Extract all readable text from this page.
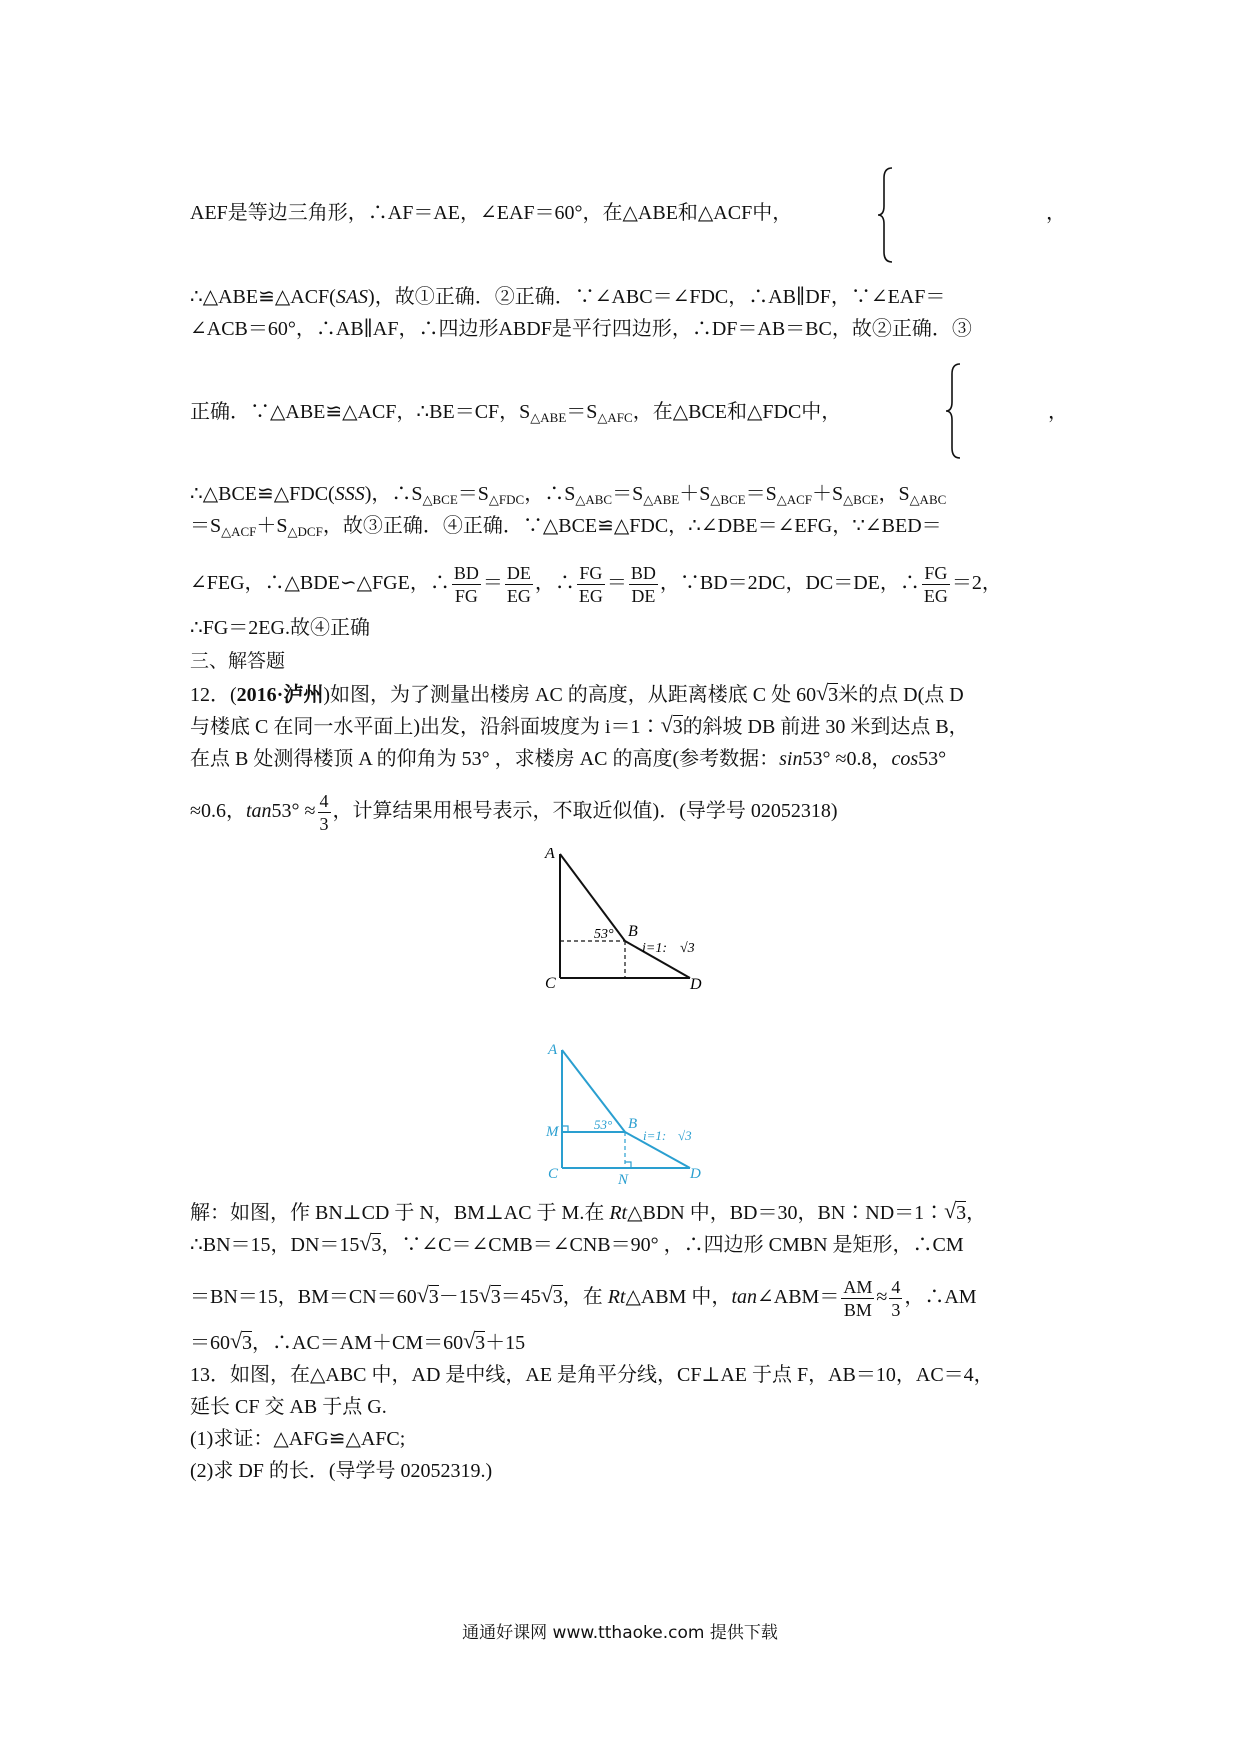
AEF是等边三角形，∴AF＝AE，∠EAF＝60°，在△ABE和△ACF中，	，
∴△ABE≌△ACF(SAS)，故①正确．②正确．∵∠ABC＝∠FDC，∴AB∥DF，∵∠EAF＝
∠ACB＝60°，∴AB∥AF，∴四边形ABDF是平行四边形，∴DF＝AB＝BC，故②正确．③
正确．∵△ABE≌△ACF，∴BE＝CF，$S_{\triangle ABE}=S_{\triangle AFC}$，在△BCE和△FDC中，	，
∴△BCE≌△FDC(SSS)，$\therefore S_{\triangle BCE}=S_{\triangle FDC}$，$\therefore S_{\triangle ABC}=S_{\triangle ABE}+S_{\triangle BCE}=S_{\triangle ACF}+S_{\triangle BCE}$，$S_{\triangle ABC}$
$=S_{\triangle ACF}+S_{\triangle DCF}$，故③正确．④正确．∵△BCE≌△FDC，∴∠DBE＝∠EFG，∵∠BED＝
∠FEG，∴△BDE∽△FGE，∴ $\frac{BD}{FG} = \frac{DE}{EG}$ ，∴ $\frac{FG}{EG} = \frac{BD}{DE}$ ，∵BD＝2DC，DC＝DE，∴ $\frac{FG}{EG} =2$，
∴FG＝2EG.故④正确
三、解答题
12．(2016·泸州)如图，为了测量出楼房 AC 的高度，从距离楼底 C 处 60 √ 3米的点 D(点 D
与楼底 C 在同一水平面上)出发，沿斜面坡度为 i＝1∶ √ 3的斜坡 DB 前进 30 米到达点 B，
在点 B 处测得楼顶 A 的仰角为 53° ，求楼房 AC 的高度(参考数据：sin53° ≈0.8，cos53°
≈0.6，$\tan 53^\circ \approx \frac{4}{3}$ ，计算结果用根号表示，不取近似值)．(导学号 02052318)
A
C	D
B
53°
i=1: √3
A
M
C	N	D
B
53°
i=1: √3
解：如图，作 BN⊥CD 于 N，BM⊥AC 于 M.在 Rt△BDN 中，BD＝30，BN∶ND＝1∶ √ 3，
∴BN＝15，DN＝15 √ 3，∵∠C＝∠CMB＝∠CNB＝90° ，∴四边形 CMBN 是矩形，∴CM
＝BN＝15，BM＝CN＝60 √ 3－15 √ 3＝45 √ 3，在 Rt△ABM 中，tan∠ABM＝ $\frac{AM}{BM} \approx \frac{4}{3}$ ，∴AM
＝60 √ 3，∴AC＝AM＋CM＝60 √ 3＋15
13．如图，在△ABC 中，AD 是中线，AE 是角平分线，CF⊥AE 于点 F，AB＝10，AC＝4，
延长 CF 交 AB 于点 G.
(1)求证：△AFG≌△AFC;
(2)求 DF 的长．(导学号 02052319.)
通通好课网 www.tthaoke.com 提供下载
